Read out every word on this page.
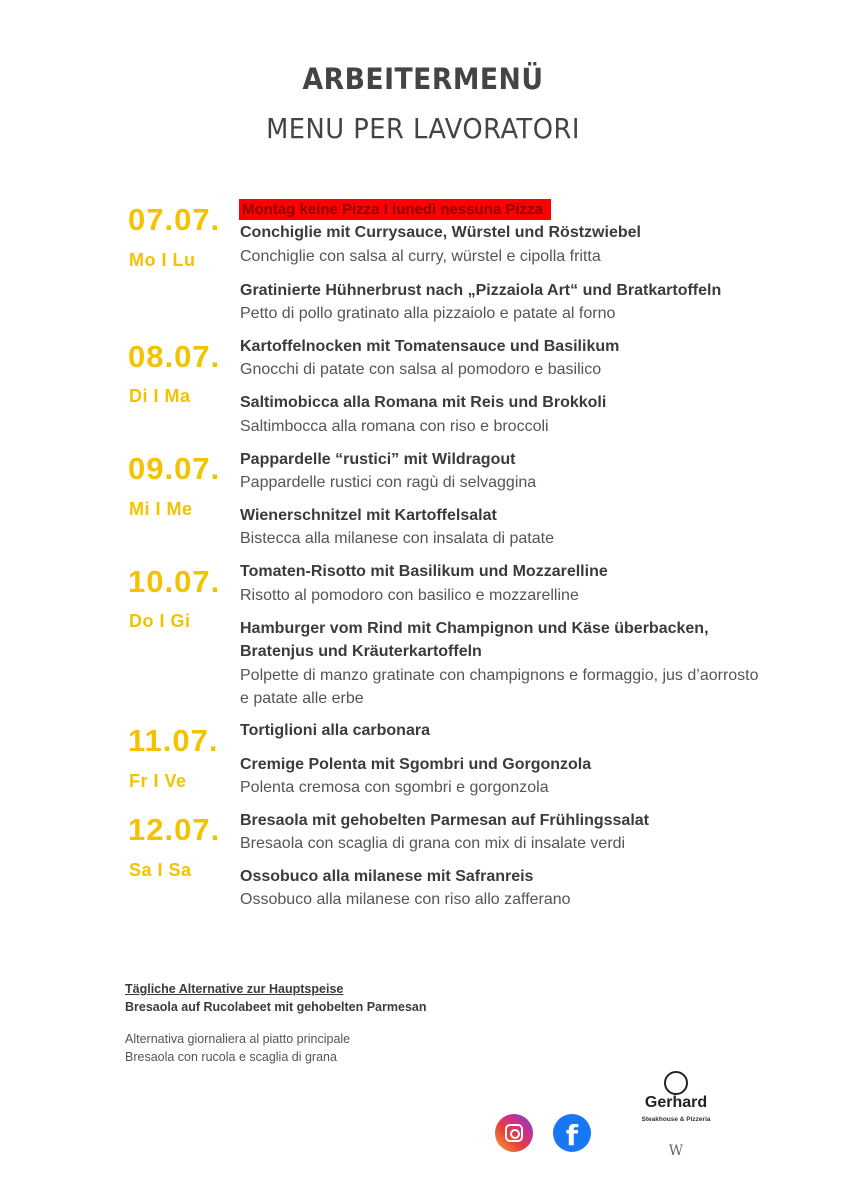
ARBEITERMENÜ
MENU PER LAVORATORI
Montag keine Pizza I lunedì nessuna Pizza
07.07.
Mo I Lu
Conchiglie mit Currysauce, Würstel und Röstzwiebel
Conchiglie con salsa al curry, würstel e cipolla fritta
Gratinierte Hühnerbrust nach „Pizzaiola Art“ und Bratkartoffeln
Petto di pollo gratinato alla pizzaiolo e patate al forno
08.07.
Di I Ma
Kartoffelnocken mit Tomatensauce und Basilikum
Gnocchi di patate con salsa al pomodoro e basilico
Saltimobicca alla Romana mit Reis und Brokkoli
Saltimbocca alla romana con riso e broccoli
09.07.
Mi I Me
Pappardelle “rustici” mit Wildragout
Pappardelle rustici con ragù di selvaggina
Wienerschnitzel mit Kartoffelsalat
Bistecca alla milanese con insalata di patate
10.07.
Do I Gi
Tomaten-Risotto mit Basilikum und Mozzarelline
Risotto al pomodoro con basilico e mozzarelline
Hamburger vom Rind mit Champignon und Käse überbacken,
Bratenjus und Kräuterkartoffeln
Polpette di manzo gratinate con champignons e formaggio, jus d’aorrosto
e patate alle erbe
11.07.
Fr I Ve
Tortiglioni alla carbonara
Cremige Polenta mit Sgombri und Gorgonzola
Polenta cremosa con sgombri e gorgonzola
12.07.
Sa I Sa
Bresaola mit gehobelten Parmesan auf Frühlingssalat
Bresaola con scaglia di grana con mix di insalate verdi
Ossobuco alla milanese mit Safranreis
Ossobuco alla milanese con riso allo zafferano
Tägliche Alternative zur Hauptspeise
Bresaola auf Rucolabeet mit gehobelten Parmesan
Alternativa giornaliera al piatto principale
Bresaola con rucola e scaglia di grana
f
Gerhard
Steakhouse & Pizzeria
W
